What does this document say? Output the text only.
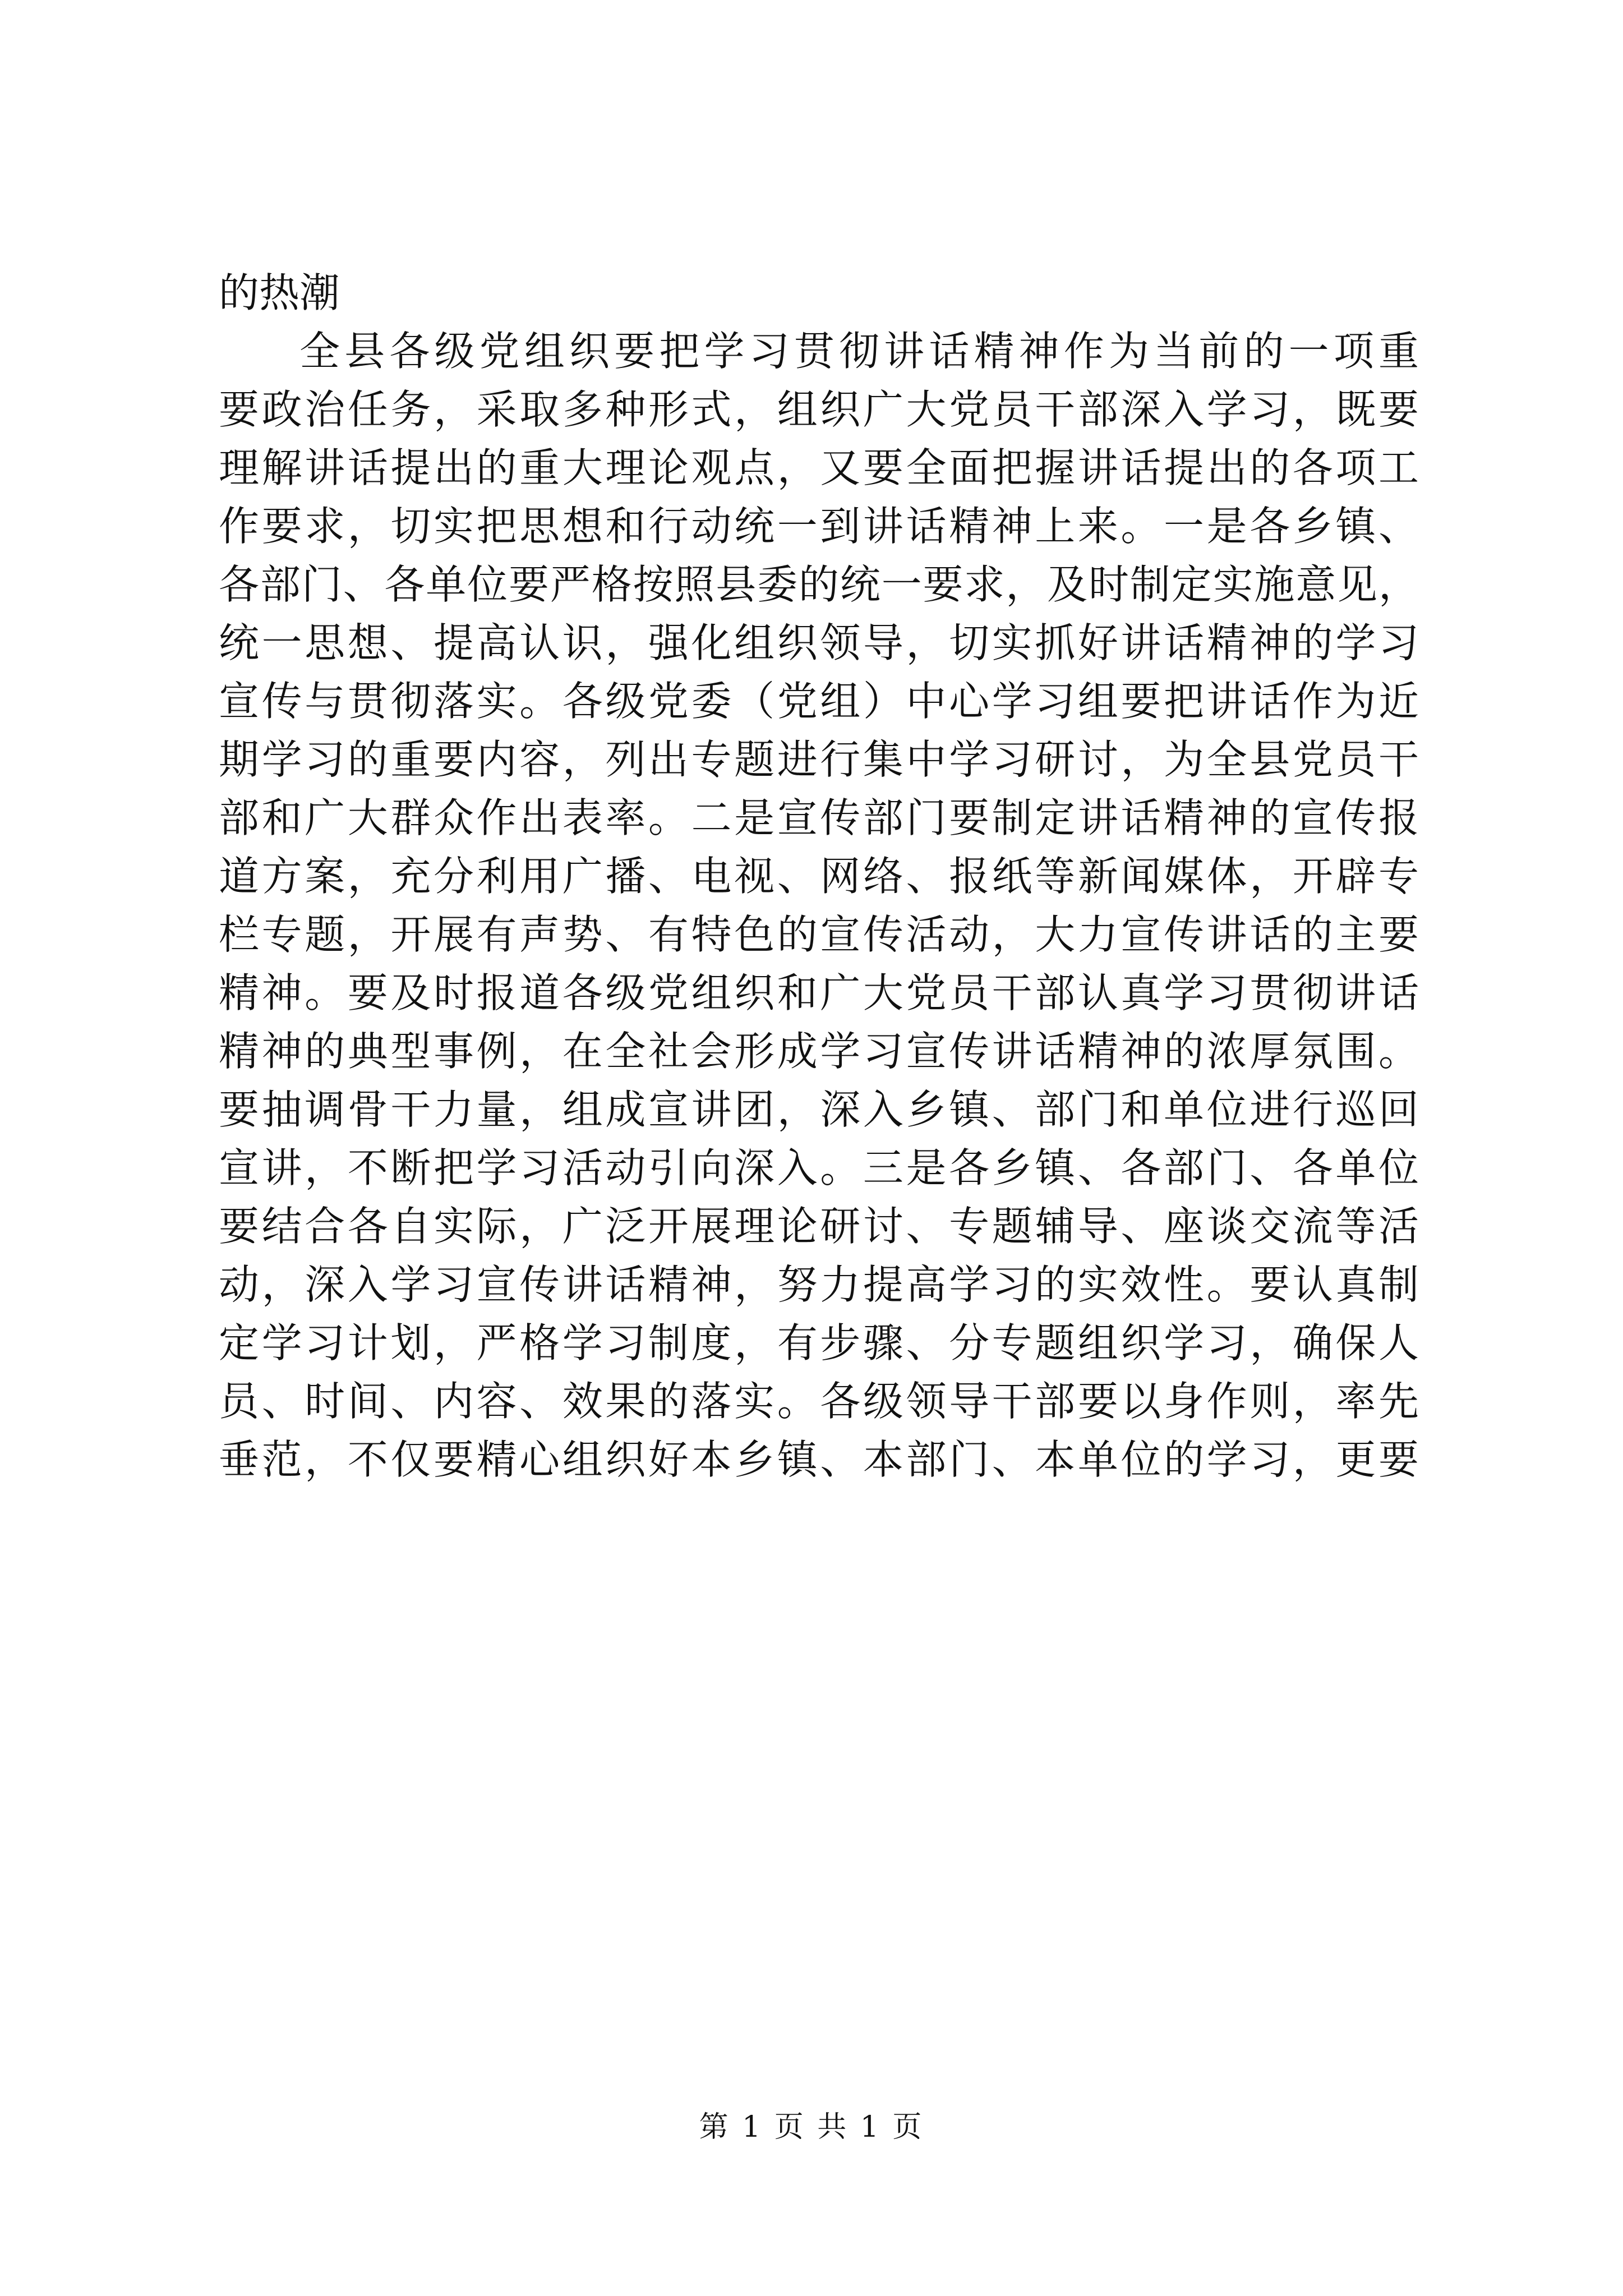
的热潮
全县各级党组织要把学习贯彻讲话精神作为当前的一项重
要政治任务，采取多种形式，组织广大党员干部深入学习，既要
理解讲话提出的重大理论观点，又要全面把握讲话提出的各项工
作要求，切实把思想和行动统一到讲话精神上来。一是各乡镇、
各部门、各单位要严格按照县委的统一要求，及时制定实施意见，
统一思想、提高认识，强化组织领导，切实抓好讲话精神的学习
宣传与贯彻落实。各级党委（党组）中心学习组要把讲话作为近
期学习的重要内容，列出专题进行集中学习研讨，为全县党员干
部和广大群众作出表率。二是宣传部门要制定讲话精神的宣传报
道方案，充分利用广播、电视、网络、报纸等新闻媒体，开辟专
栏专题，开展有声势、有特色的宣传活动，大力宣传讲话的主要
精神。要及时报道各级党组织和广大党员干部认真学习贯彻讲话
精神的典型事例，在全社会形成学习宣传讲话精神的浓厚氛围。
要抽调骨干力量，组成宣讲团，深入乡镇、部门和单位进行巡回
宣讲，不断把学习活动引向深入。三是各乡镇、各部门、各单位
要结合各自实际，广泛开展理论研讨、专题辅导、座谈交流等活
动，深入学习宣传讲话精神，努力提高学习的实效性。要认真制
定学习计划，严格学习制度，有步骤、分专题组织学习，确保人
员、时间、内容、效果的落实。各级领导干部要以身作则，率先
垂范，不仅要精心组织好本乡镇、本部门、本单位的学习，更要
第 1 页 共 1 页
